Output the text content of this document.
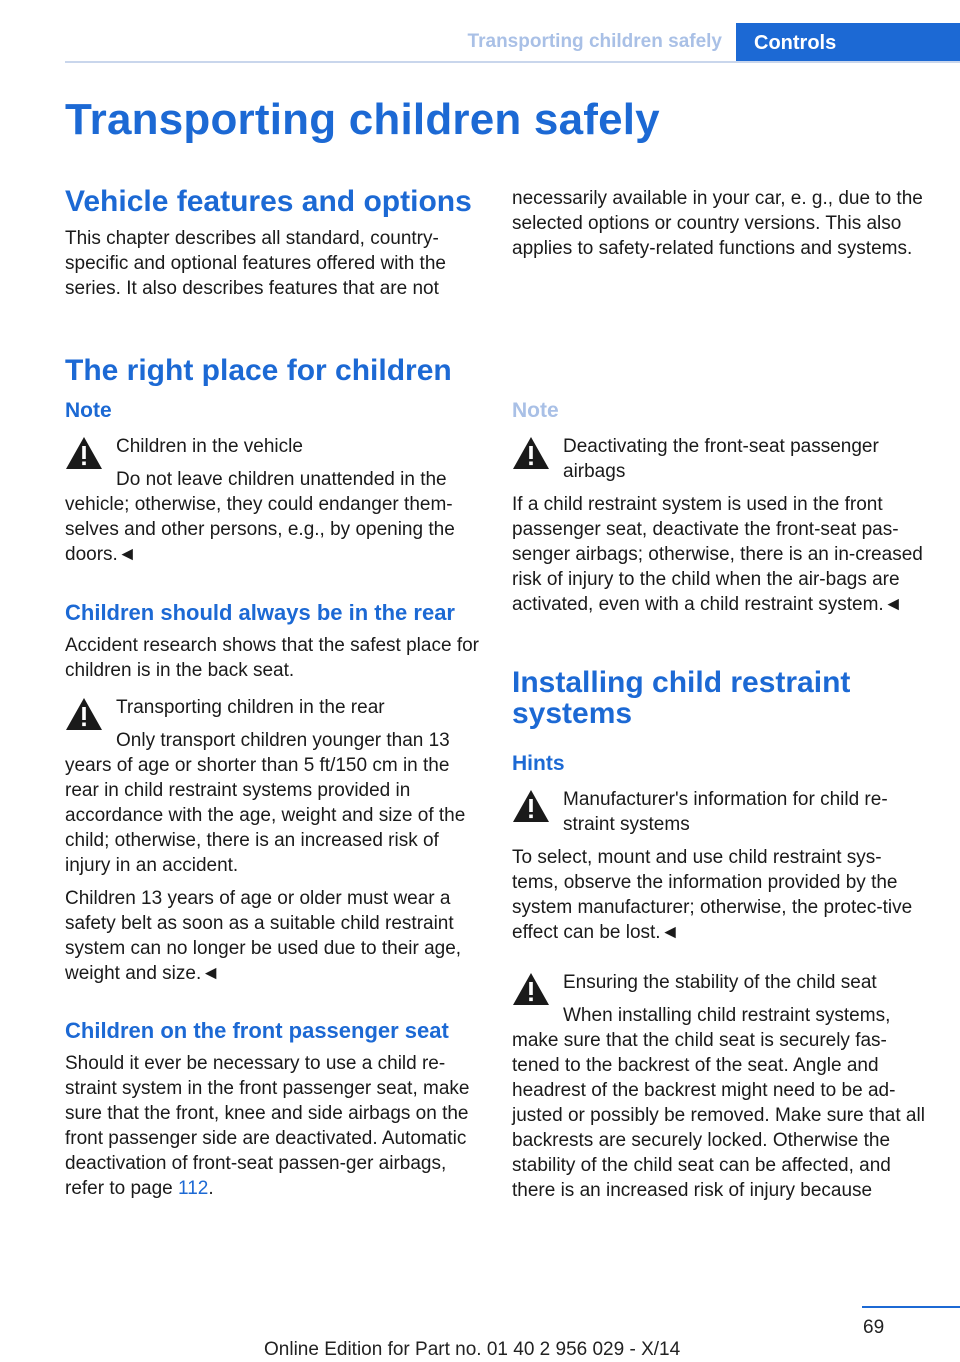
Transporting children safely	Controls
Transporting children safely
Vehicle features and options

This chapter describes all standard, country-specific and optional features offered with the series. It also describes features that are not

necessarily available in your car, e. g., due to the selected options or country versions. This also applies to safety-related functions and systems.

The right place for children
Note
Children in the vehicle

Do not leave children unattended in the vehicle; otherwise, they could endanger them-selves and other persons, e.g., by opening the doors.◄

Children should always be in the rear

Accident research shows that the safest place for children is in the back seat.

Transporting children in the rear

Only transport children younger than 13 years of age or shorter than 5 ft/150 cm in the rear in child restraint systems provided in accordance with the age, weight and size of the child; otherwise, there is an increased risk of injury in an accident.

Children 13 years of age or older must wear a safety belt as soon as a suitable child restraint system can no longer be used due to their age, weight and size.◄

Children on the front passenger seat

Should it ever be necessary to use a child re-straint system in the front passenger seat, make sure that the front, knee and side airbags on the front passenger side are deactivated. Automatic deactivation of front-seat passen-ger airbags, refer to page 112.

Note
Deactivating the front-seat passenger airbags

If a child restraint system is used in the front passenger seat, deactivate the front-seat pas-senger airbags; otherwise, there is an in-creased risk of injury to the child when the air-bags are activated, even with a child restraint system.◄

Installing child restraint systems
Hints
Manufacturer's information for child re-straint systems

To select, mount and use child restraint sys-tems, observe the information provided by the system manufacturer; otherwise, the protec-tive effect can be lost.◄

Ensuring the stability of the child seat

When installing child restraint systems, make sure that the child seat is securely fas-tened to the backrest of the seat. Angle and headrest of the backrest might need to be ad-justed or possibly be removed. Make sure that all backrests are securely locked. Otherwise the stability of the child seat can be affected, and there is an increased risk of injury because

69
Online Edition for Part no. 01 40 2 956 029 - X/14
